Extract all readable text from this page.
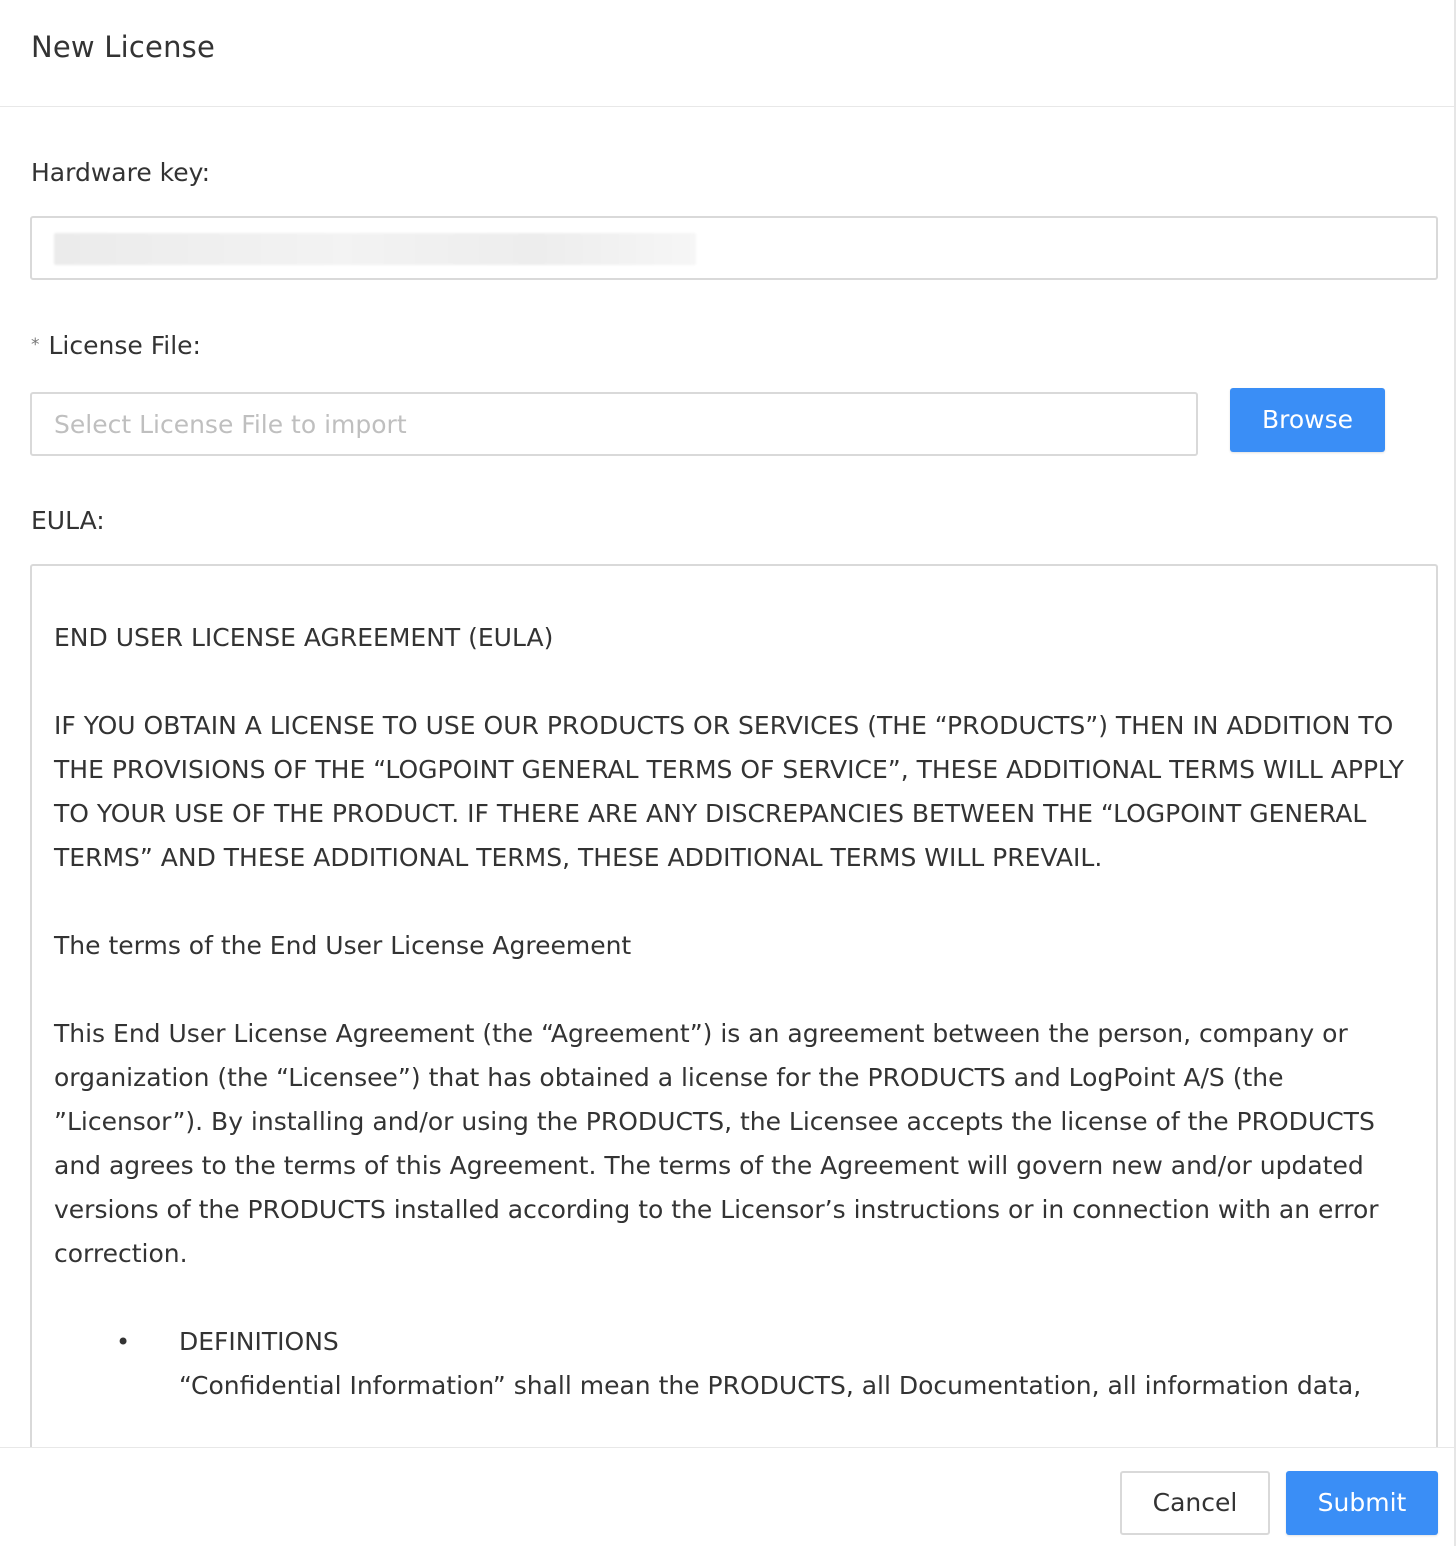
New License
Hardware key:
* License File:
Select License File to import
Browse
EULA:

END USER LICENSE AGREEMENT (EULA)

IF YOU OBTAIN A LICENSE TO USE OUR PRODUCTS OR SERVICES (THE “PRODUCTS”) THEN IN ADDITION TO THE PROVISIONS OF THE “LOGPOINT GENERAL TERMS OF SERVICE”, THESE ADDITIONAL TERMS WILL APPLY TO YOUR USE OF THE PRODUCT. IF THERE ARE ANY DISCREPANCIES BETWEEN THE “LOGPOINT GENERAL TERMS” AND THESE ADDITIONAL TERMS, THESE ADDITIONAL TERMS WILL PREVAIL.

The terms of the End User License Agreement

This End User License Agreement (the “Agreement”) is an agreement between the person, company or organization (the “Licensee”) that has obtained a license for the PRODUCTS and LogPoint A/S (the ”Licensor”). By installing and/or using the PRODUCTS, the Licensee accepts the license of the PRODUCTS and agrees to the terms of this Agreement. The terms of the Agreement will govern new and/or updated versions of the PRODUCTS installed according to the Licensor’s instructions or in connection with an error correction.

• DEFINITIONS
“Confidential Information” shall mean the PRODUCTS, all Documentation, all information data,
Cancel	Submit
